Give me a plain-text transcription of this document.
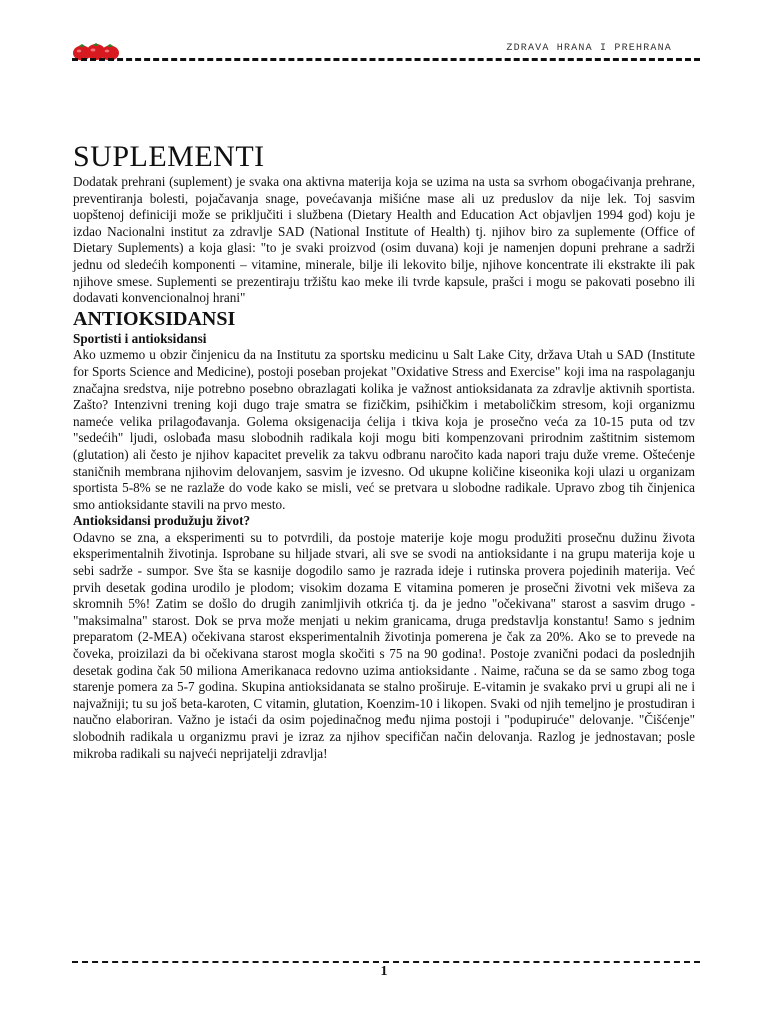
ZDRAVA HRANA I PREHRANA
SUPLEMENTI

Dodatak prehrani (suplement) je svaka ona aktivna materija koja se uzima na usta sa svrhom obogaćivanja prehrane, preventiranja bolesti, pojačavanja snage, povećavanja mišićne mase ali uz preduslov da nije lek. Toj sasvim uopštenoj definiciji može se priključiti i službena (Dietary Health and Education Act objavljen 1994 god) koju je izdao Nacionalni institut za zdravlje SAD (National Institute of Health) tj. njihov biro za suplemente (Office of Dietary Suplements) a koja glasi: "to je svaki proizvod (osim duvana) koji je namenjen dopuni prehrane a sadrži jednu od sledećih komponenti – vitamine, minerale, bilje ili lekovito bilje, njihove koncentrate ili ekstrakte ili pak njihove smese. Suplementi se prezentiraju tržištu kao meke ili tvrde kapsule, prašci i mogu se pakovati posebno ili dodavati konvencionalnoj hrani"

ANTIOKSIDANSI
Sportisti i antioksidansi

Ako uzmemo u obzir činjenicu da na Institutu za sportsku medicinu u Salt Lake City, država Utah u SAD (Institute for Sports Science and Medicine), postoji poseban projekat "Oxidative Stress and Exercise" koji ima na raspolaganju značajna sredstva, nije potrebno posebno obrazlagati kolika je važnost antioksidanata za zdravlje aktivnih sportista. Zašto? Intenzivni trening koji dugo traje smatra se fizičkim, psihičkim i metaboličkim stresom, koji organizmu nameće velika prilagođavanja. Golema oksigenacija ćelija i tkiva koja je prosečno veća za 10-15 puta od tzv "sedećih" ljudi, oslobađa masu slobodnih radikala koji mogu biti kompenzovani prirodnim zaštitnim sistemom (glutation) ali često je njihov kapacitet prevelik za takvu odbranu naročito kada napori traju duže vreme. Oštećenje staničnih membrana njihovim delovanjem, sasvim je izvesno. Od ukupne količine kiseonika koji ulazi u organizam sportista 5-8% se ne razlaže do vode kako se misli, već se pretvara u slobodne radikale. Upravo zbog tih činjenica smo antioksidante stavili na prvo mesto.

Antioksidansi produžuju život?

Odavno se zna, a eksperimenti su to potvrdili, da postoje materije koje mogu produžiti prosečnu dužinu života eksperimentalnih životinja. Isprobane su hiljade stvari, ali sve se svodi na antioksidante i na grupu materija koje u sebi sadrže - sumpor. Sve šta se kasnije dogodilo samo je razrada ideje i rutinska provera pojedinih materija. Već prvih desetak godina urodilo je plodom; visokim dozama E vitamina pomeren je prosečni životni vek miševa za skromnih 5%! Zatim se došlo do drugih zanimljivih otkrića tj. da je jedno "očekivana" starost a sasvim drugo - "maksimalna" starost. Dok se prva može menjati u nekim granicama, druga predstavlja konstantu! Samo s jednim preparatom (2-MEA) očekivana starost eksperimentalnih životinja pomerena je čak za 20%. Ako se to prevede na čoveka, proizilazi da bi očekivana starost mogla skočiti s 75 na 90 godina!. Postoje zvanični podaci da poslednjih desetak godina čak 50 miliona Amerikanaca redovno uzima antioksidante . Naime, računa se da se samo zbog toga starenje pomera za 5-7 godina. Skupina antioksidanata se stalno proširuje. E-vitamin je svakako prvi u grupi ali ne i najvažniji; tu su još beta-karoten, C vitamin, glutation, Koenzim-10 i likopen. Svaki od njih temeljno je prostudiran i naučno elaboriran. Važno je istaći da osim pojedinačnog među njima postoji i "podupiruće" delovanje. "Čišćenje" slobodnih radikala u organizmu pravi je izraz za njihov specifičan način delovanja. Razlog je jednostavan; posle mikroba radikali su najveći neprijatelji zdravlja!

1
